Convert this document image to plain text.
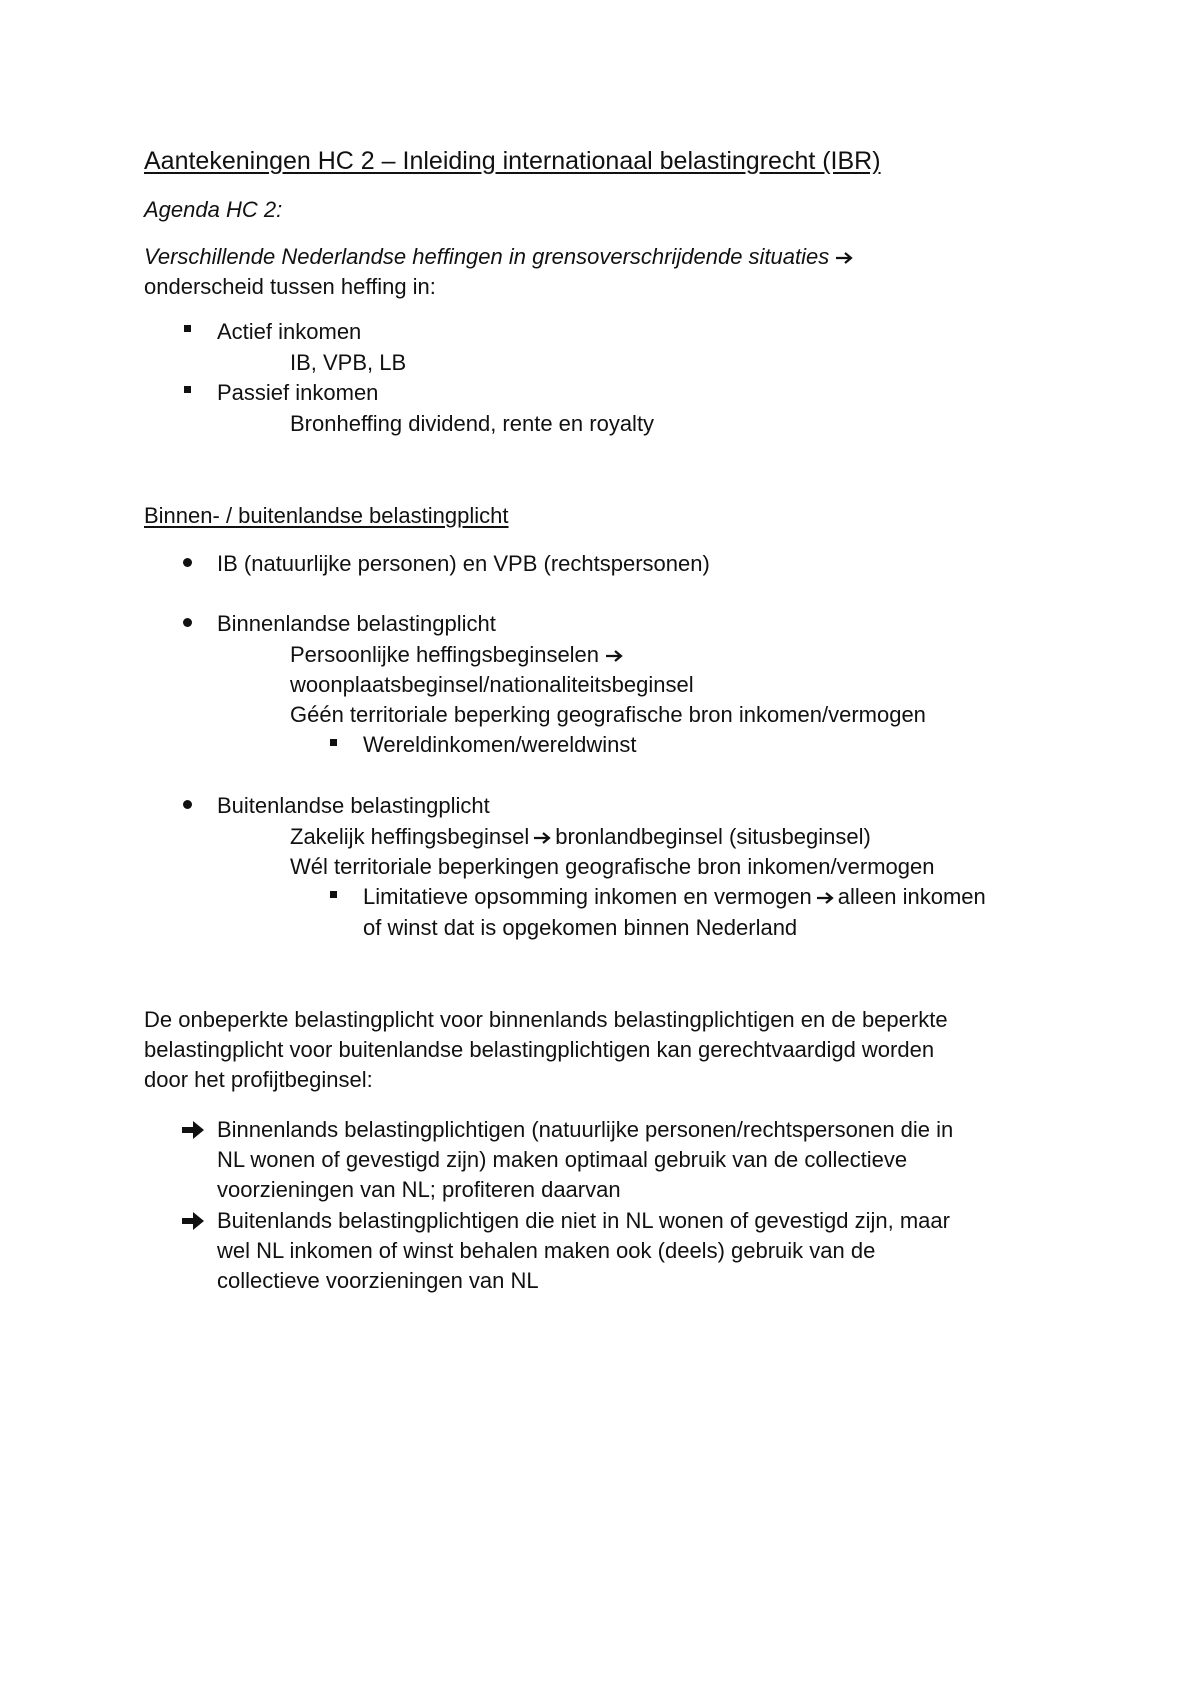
Aantekeningen HC 2 – Inleiding internationaal belastingrecht (IBR)
Agenda HC 2:
Verschillende Nederlandse heffingen in grensoverschrijdende situaties
onderscheid tussen heffing in:
Actief inkomen
IB, VPB, LB
Passief inkomen
Bronheffing dividend, rente en royalty
Binnen- / buitenlandse belastingplicht
IB (natuurlijke personen) en VPB (rechtspersonen)
Binnenlandse belastingplicht
Persoonlijke heffingsbeginselen
woonplaatsbeginsel/nationaliteitsbeginsel
Géén territoriale beperking geografische bron inkomen/vermogen
Wereldinkomen/wereldwinst
Buitenlandse belastingplicht
Zakelijk heffingsbeginsel bronlandbeginsel (situsbeginsel)
Wél territoriale beperkingen geografische bron inkomen/vermogen
Limitatieve opsomming inkomen en vermogen alleen inkomen
of winst dat is opgekomen binnen Nederland
De onbeperkte belastingplicht voor binnenlands belastingplichtigen en de beperkte
belastingplicht voor buitenlandse belastingplichtigen kan gerechtvaardigd worden
door het profijtbeginsel:
Binnenlands belastingplichtigen (natuurlijke personen/rechtspersonen die in
NL wonen of gevestigd zijn) maken optimaal gebruik van de collectieve
voorzieningen van NL; profiteren daarvan
Buitenlands belastingplichtigen die niet in NL wonen of gevestigd zijn, maar
wel NL inkomen of winst behalen maken ook (deels) gebruik van de
collectieve voorzieningen van NL
